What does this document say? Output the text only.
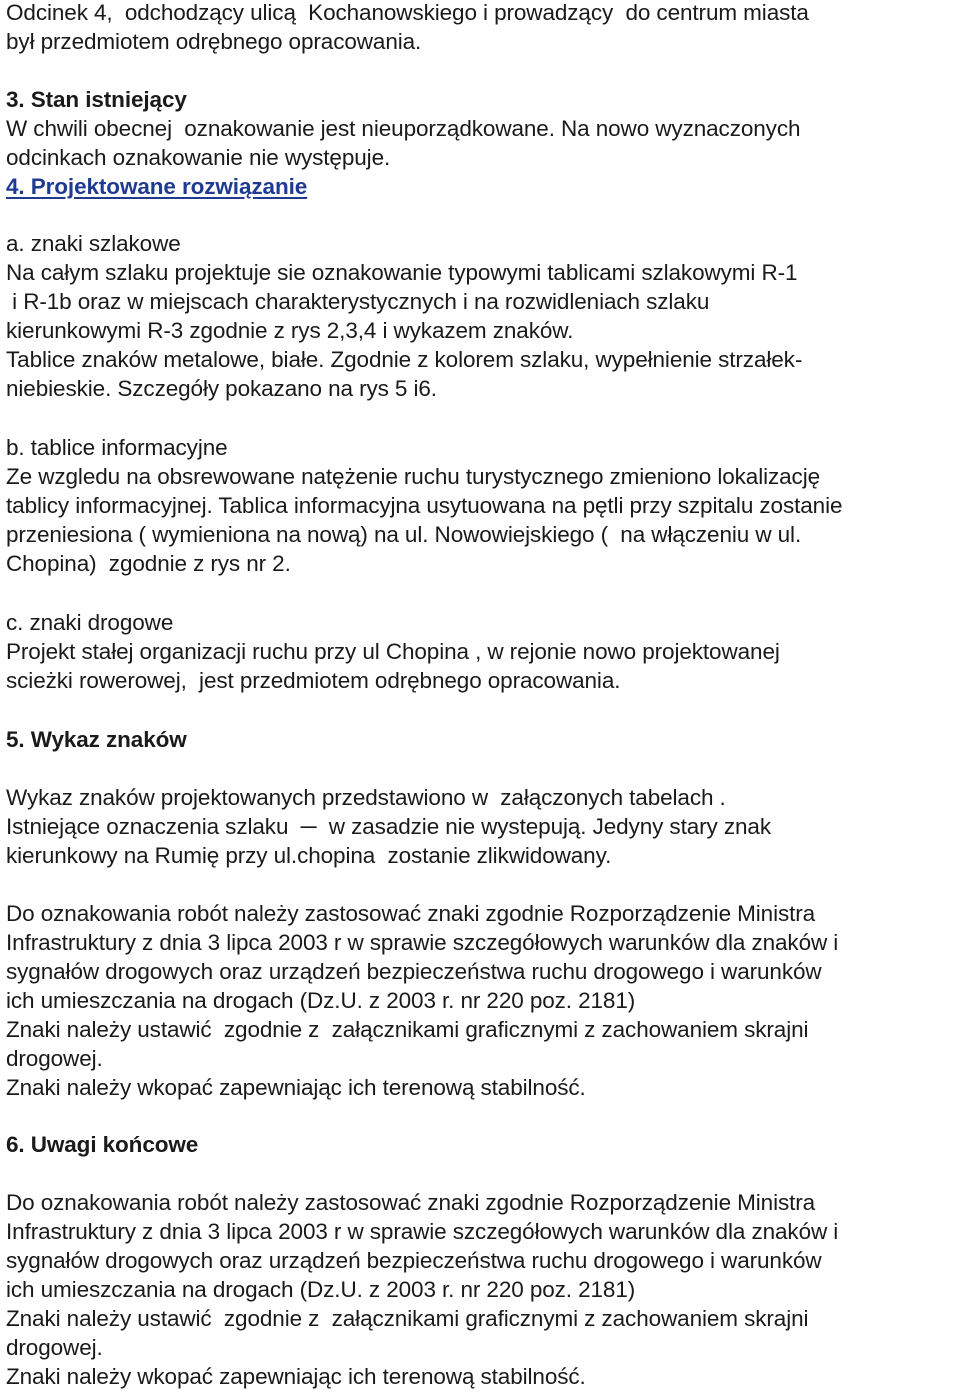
Odcinek 4,  odchodzący ulicą  Kochanowskiego i prowadzący  do centrum miasta
był przedmiotem odrębnego opracowania.
3. Stan istniejący
W chwili obecnej  oznakowanie jest nieuporządkowane. Na nowo wyznaczonych
odcinkach oznakowanie nie występuje.
4. Projektowane rozwiązanie
a. znaki szlakowe
Na całym szlaku projektuje sie oznakowanie typowymi tablicami szlakowymi R-1
i R-1b oraz w miejscach charakterystycznych i na rozwidleniach szlaku
kierunkowymi R-3 zgodnie z rys 2,3,4 i wykazem znaków.
Tablice znaków metalowe, białe. Zgodnie z kolorem szlaku, wypełnienie strzałek-
niebieskie. Szczegóły pokazano na rys 5 i6.
b. tablice informacyjne
Ze wzgledu na obsrewowane natężenie ruchu turystycznego zmieniono lokalizację
tablicy informacyjnej. Tablica informacyjna usytuowana na pętli przy szpitalu zostanie
przeniesiona ( wymieniona na nową) na ul. Nowowiejskiego (  na włączeniu w ul.
Chopina)  zgodnie z rys nr 2.
c. znaki drogowe
Projekt stałej organizacji ruchu przy ul Chopina , w rejonie nowo projektowanej
scieżki rowerowej,  jest przedmiotem odrębnego opracowania.
5. Wykaz znaków
Wykaz znaków projektowanych przedstawiono w  załączonych tabelach .
Istniejące oznaczenia szlaku  ─  w zasadzie nie wystepują. Jedyny stary znak
kierunkowy na Rumię przy ul.chopina  zostanie zlikwidowany.
Do oznakowania robót należy zastosować znaki zgodnie Rozporządzenie Ministra
Infrastruktury z dnia 3 lipca 2003 r w sprawie szczegółowych warunków dla znaków i
sygnałów drogowych oraz urządzeń bezpieczeństwa ruchu drogowego i warunków
ich umieszczania na drogach (Dz.U. z 2003 r. nr 220 poz. 2181)
Znaki należy ustawić  zgodnie z  załącznikami graficznymi z zachowaniem skrajni
drogowej.
Znaki należy wkopać zapewniając ich terenową stabilność.
6. Uwagi końcowe
Do oznakowania robót należy zastosować znaki zgodnie Rozporządzenie Ministra
Infrastruktury z dnia 3 lipca 2003 r w sprawie szczegółowych warunków dla znaków i
sygnałów drogowych oraz urządzeń bezpieczeństwa ruchu drogowego i warunków
ich umieszczania na drogach (Dz.U. z 2003 r. nr 220 poz. 2181)
Znaki należy ustawić  zgodnie z  załącznikami graficznymi z zachowaniem skrajni
drogowej.
Znaki należy wkopać zapewniając ich terenową stabilność.
